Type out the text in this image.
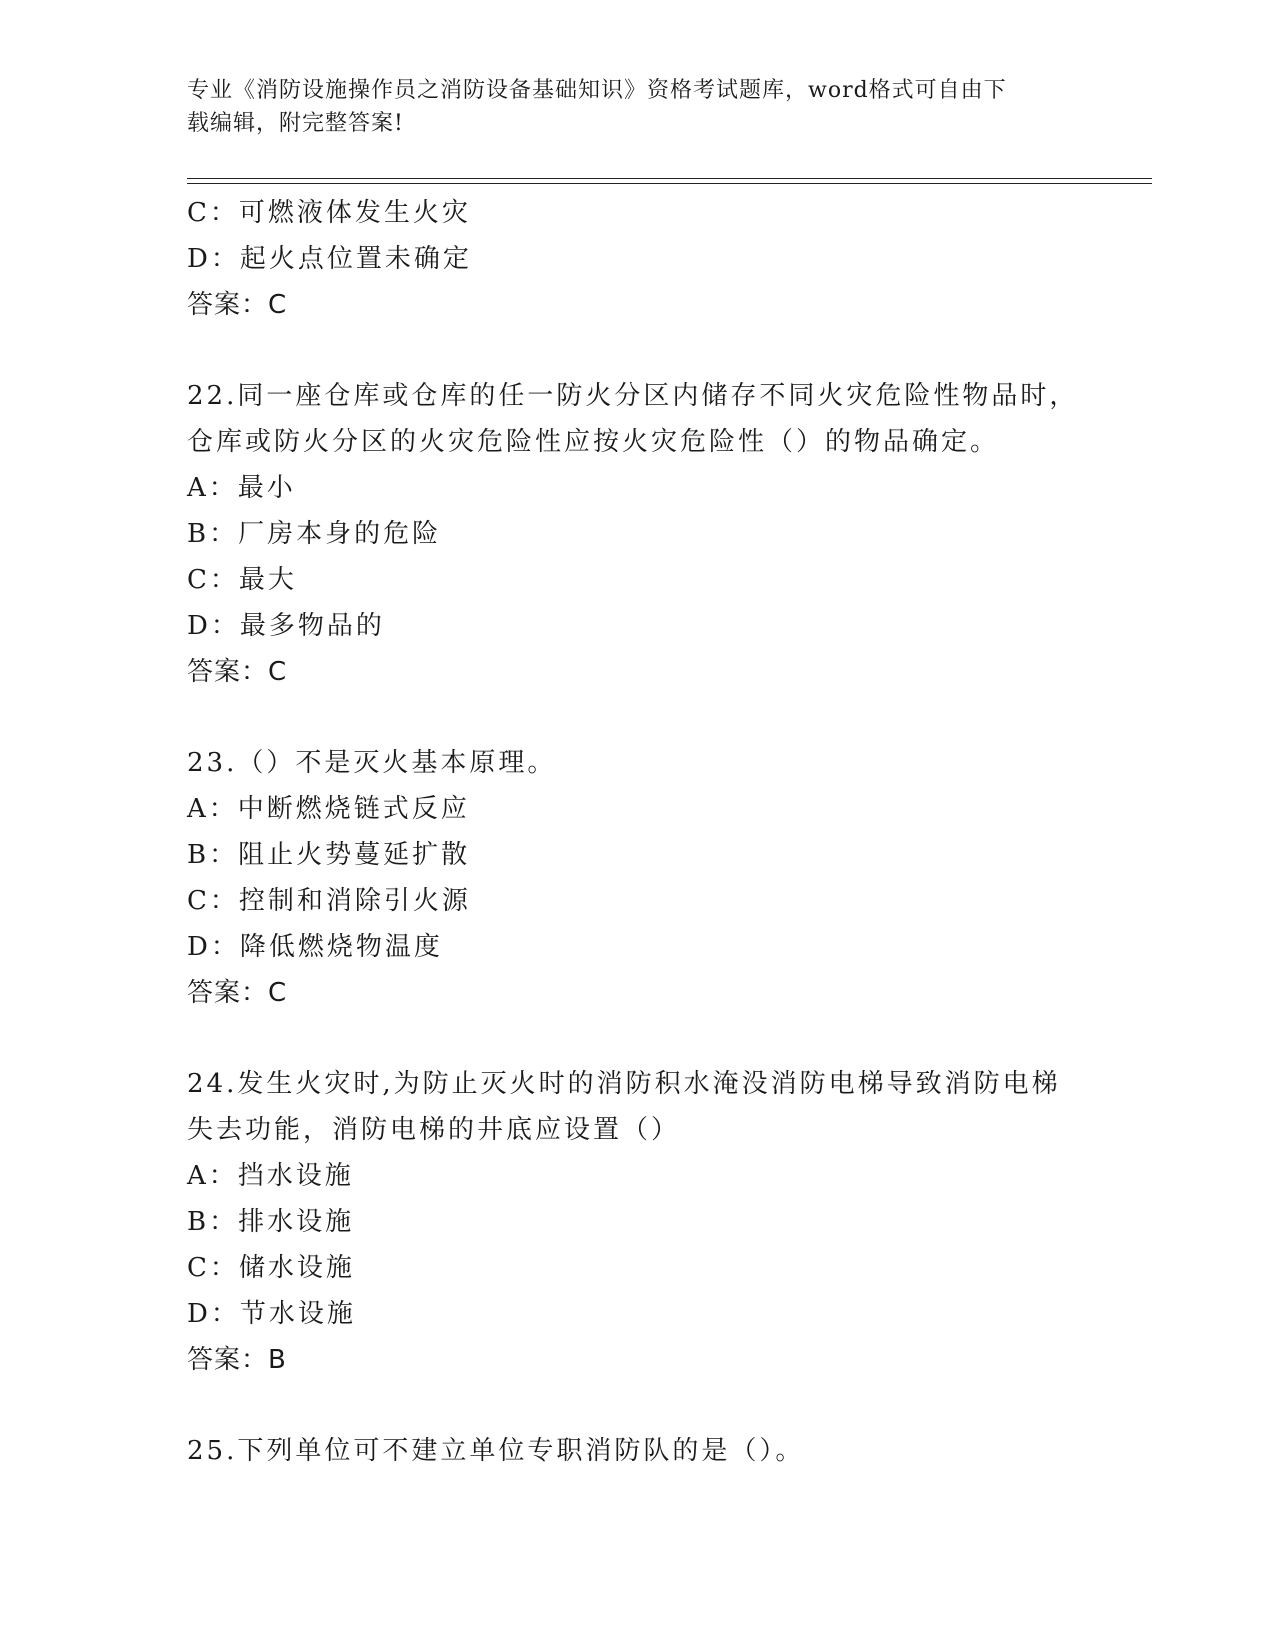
专业《消防设施操作员之消防设备基础知识》资格考试题库，word格式可自由下
载编辑，附完整答案!
C：可燃液体发生火灾
D：起火点位置未确定
答案：C
22.同一座仓库或仓库的任一防火分区内储存不同火灾危险性物品时，
仓库或防火分区的火灾危险性应按火灾危险性（）的物品确定。
A：最小
B：厂房本身的危险
C：最大
D：最多物品的
答案：C
23.（）不是灭火基本原理。
A：中断燃烧链式反应
B：阻止火势蔓延扩散
C：控制和消除引火源
D：降低燃烧物温度
答案：C
24.发生火灾时,为防止灭火时的消防积水淹没消防电梯导致消防电梯
失去功能，消防电梯的井底应设置（）
A：挡水设施
B：排水设施
C：储水设施
D：节水设施
答案：B
25.下列单位可不建立单位专职消防队的是（）。
